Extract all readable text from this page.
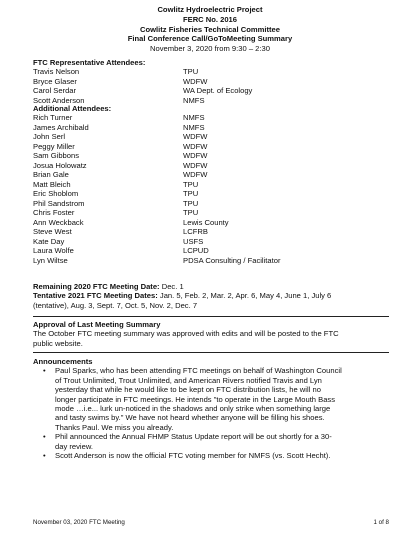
Cowlitz Hydroelectric Project
FERC No. 2016
Cowlitz Fisheries Technical Committee
Final Conference Call/GoToMeeting Summary
November 3, 2020 from 9:30 – 2:30
FTC Representative Attendees:
Travis Nelson	TPU
Bryce Glaser	WDFW
Carol Serdar	WA Dept. of Ecology
Scott Anderson	NMFS
Additional Attendees:
Rich Turner	NMFS
James Archibald	NMFS
John Serl	WDFW
Peggy Miller	WDFW
Sam Gibbons	WDFW
Josua Holowatz	WDFW
Brian Gale	WDFW
Matt Bleich	TPU
Eric Shoblom	TPU
Phil Sandstrom	TPU
Chris Foster	TPU
Ann Weckback	Lewis County
Steve West	LCFRB
Kate Day	USFS
Laura Wolfe	LCPUD
Lyn Wiltse	PDSA Consulting / Facilitator
Remaining 2020 FTC Meeting Date: Dec. 1
Tentative 2021 FTC Meeting Dates: Jan. 5, Feb. 2, Mar. 2, Apr. 6, May 4, June 1, July 6
(tentative), Aug. 3, Sept. 7, Oct. 5, Nov. 2, Dec. 7
Approval of Last Meeting Summary
The October FTC meeting summary was approved with edits and will be posted to the FTC
public website.
Announcements
• Paul Sparks, who has been attending FTC meetings on behalf of Washington Council
of Trout Unlimited, Trout Unlimited, and American Rivers notified Travis and Lyn
yesterday that while he would like to be kept on FTC distribution lists, he will no
longer participate in FTC meetings. He intends "to operate in the Large Mouth Bass
mode …i.e... lurk un-noticed in the shadows and only strike when something large
and tasty swims by." We have not heard whether anyone will be filling his shoes.
Thanks Paul. We miss you already.
• Phil announced the Annual FHMP Status Update report will be out shortly for a 30-
day review.
• Scott Anderson is now the official FTC voting member for NMFS (vs. Scott Hecht).
November 03, 2020 FTC Meeting	1 of 8
